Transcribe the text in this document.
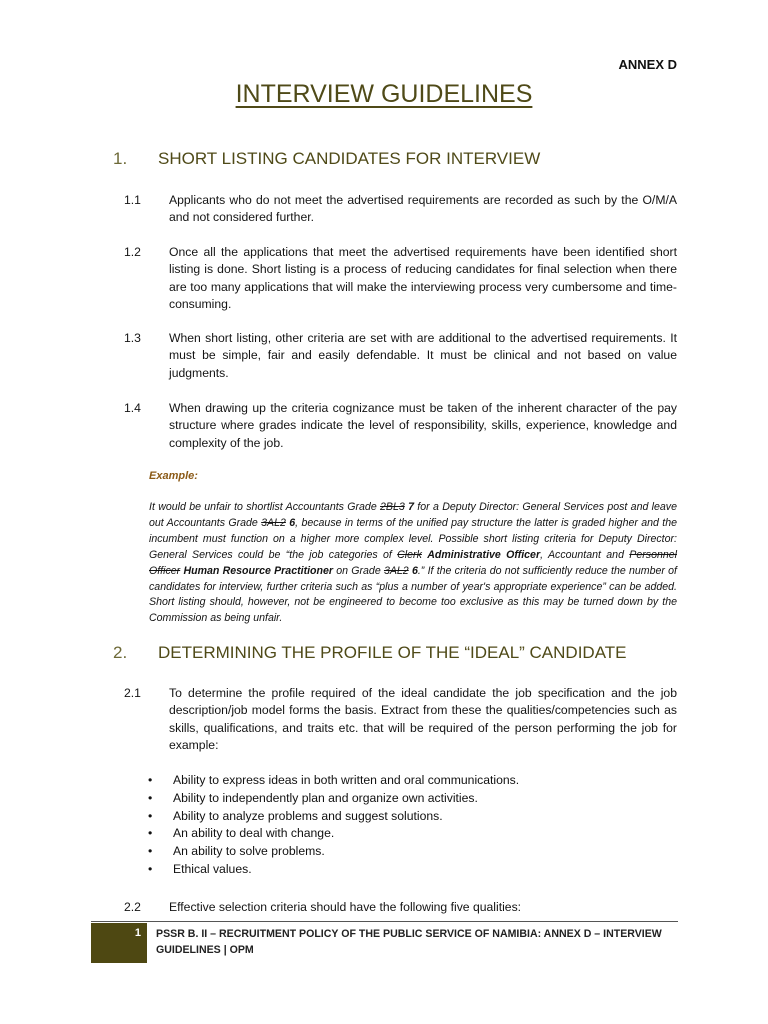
ANNEX D
INTERVIEW GUIDELINES
1. SHORT LISTING CANDIDATES FOR INTERVIEW
1.1 Applicants who do not meet the advertised requirements are recorded as such by the O/M/A and not considered further.
1.2 Once all the applications that meet the advertised requirements have been identified short listing is done. Short listing is a process of reducing candidates for final selection when there are too many applications that will make the interviewing process very cumbersome and time-consuming.
1.3 When short listing, other criteria are set with are additional to the advertised requirements. It must be simple, fair and easily defendable. It must be clinical and not based on value judgments.
1.4 When drawing up the criteria cognizance must be taken of the inherent character of the pay structure where grades indicate the level of responsibility, skills, experience, knowledge and complexity of the job.
Example:
It would be unfair to shortlist Accountants Grade 2BL3 7 for a Deputy Director: General Services post and leave out Accountants Grade 3AL2 6, because in terms of the unified pay structure the latter is graded higher and the incumbent must function on a higher more complex level. Possible short listing criteria for Deputy Director: General Services could be “the job categories of Clerk Administrative Officer, Accountant and Personnel Officer Human Resource Practitioner on Grade 3AL2 6.” If the criteria do not sufficiently reduce the number of candidates for interview, further criteria such as “plus a number of year's appropriate experience” can be added. Short listing should, however, not be engineered to become too exclusive as this may be turned down by the Commission as being unfair.
2. DETERMINING THE PROFILE OF THE “IDEAL” CANDIDATE
2.1 To determine the profile required of the ideal candidate the job specification and the job description/job model forms the basis. Extract from these the qualities/competencies such as skills, qualifications, and traits etc. that will be required of the person performing the job for example:
• Ability to express ideas in both written and oral communications.
• Ability to independently plan and organize own activities.
• Ability to analyze problems and suggest solutions.
• An ability to deal with change.
• An ability to solve problems.
• Ethical values.
2.2 Effective selection criteria should have the following five qualities:
1 PSSR B. II – RECRUITMENT POLICY OF THE PUBLIC SERVICE OF NAMIBIA: ANNEX D – INTERVIEW GUIDELINES | OPM
